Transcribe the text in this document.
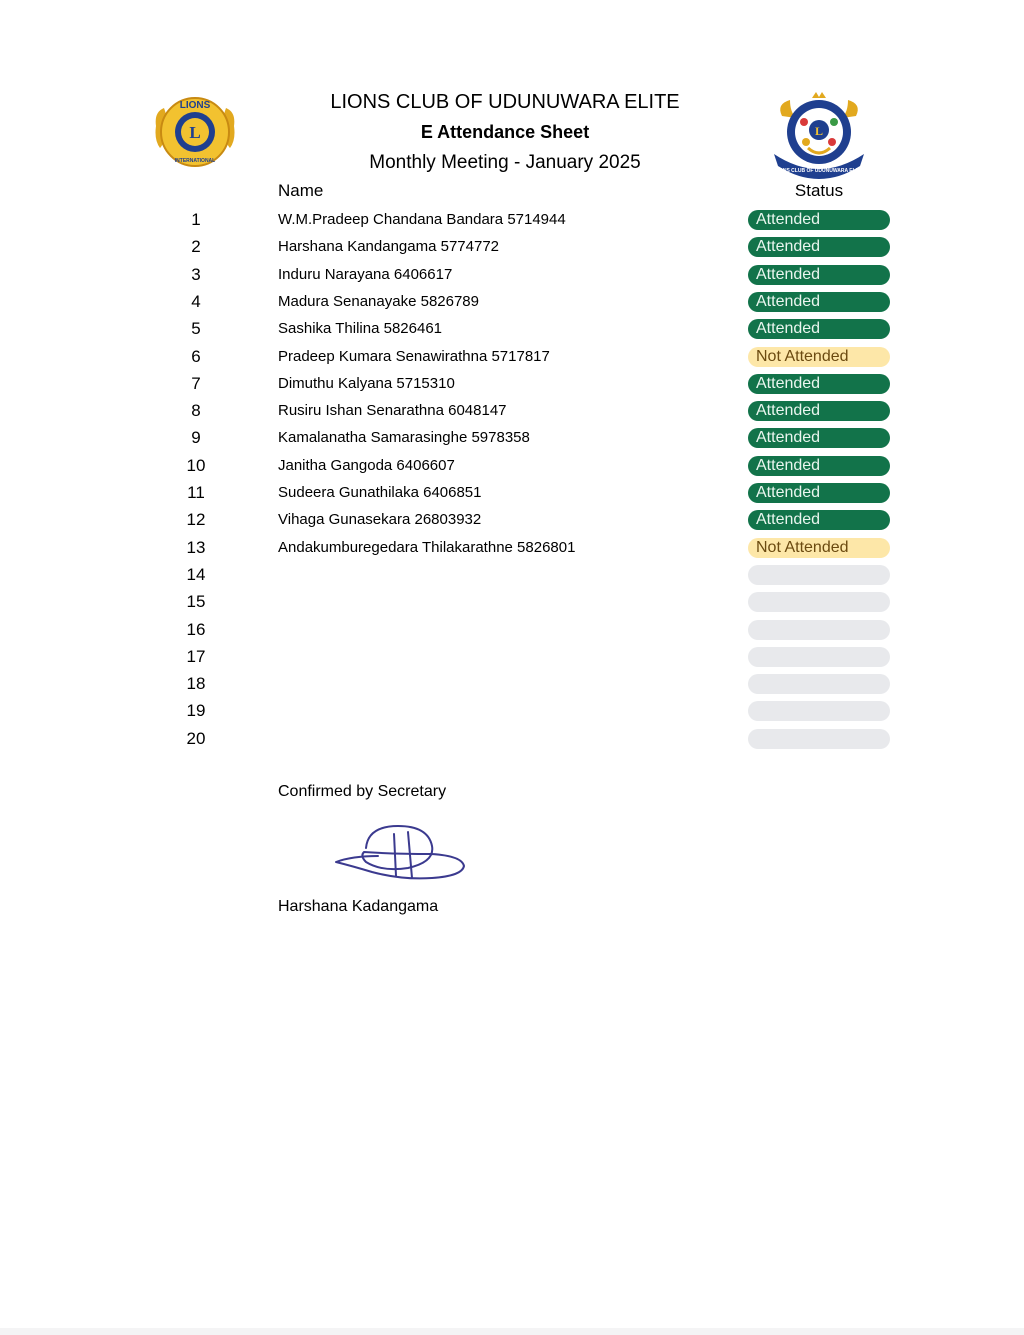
L
LIONS
INTERNATIONAL
LIONS CLUB OF UDUNUWARA ELITE
E Attendance Sheet
Monthly Meeting - January 2025
L
LIONS CLUB OF UDUNUWARA ELITE
Name	Status
1	W.M.Pradeep Chandana Bandara 5714944	Attended
2	Harshana Kandangama 5774772	Attended
3	Induru Narayana 6406617	Attended
4	Madura Senanayake 5826789	Attended
5	Sashika Thilina 5826461	Attended
6	Pradeep Kumara Senawirathna 5717817	Not Attended
7	Dimuthu Kalyana 5715310	Attended
8	Rusiru Ishan Senarathna 6048147	Attended
9	Kamalanatha Samarasinghe 5978358	Attended
10	Janitha Gangoda 6406607	Attended
11	Sudeera Gunathilaka 6406851	Attended
12	Vihaga Gunasekara 26803932	Attended
13	Andakumburegedara Thilakarathne 5826801	Not Attended
14
15
16
17
18
19
20
Confirmed by Secretary
Harshana Kadangama
